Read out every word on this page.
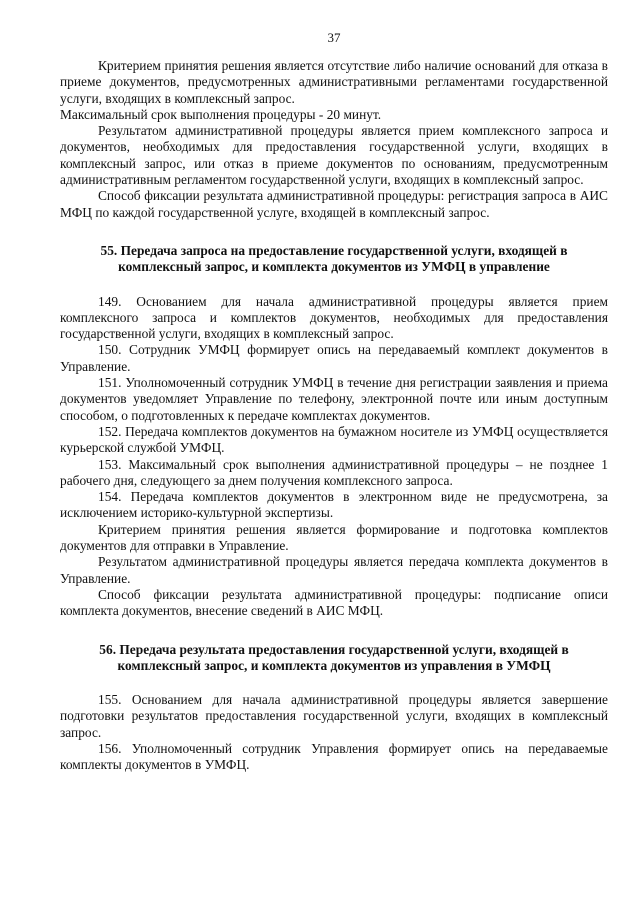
37

Критерием принятия решения является отсутствие либо наличие оснований для отказа в приеме документов, предусмотренных административными регламентами государственной услуги, входящих в комплексный запрос.

Максимальный срок выполнения процедуры - 20 минут.

Результатом административной процедуры является прием комплексного запроса и документов, необходимых для предоставления государственной услуги, входящих в комплексный запрос, или отказ в приеме документов по основаниям, предусмотренным административным регламентом государственной услуги, входящих в комплексный запрос.

Способ фиксации результата административной процедуры: регистрация запроса в АИС МФЦ по каждой государственной услуге, входящей в комплексный запрос.

55. Передача запроса на предоставление государственной услуги, входящей в комплексный запрос, и комплекта документов из УМФЦ в управление

149. Основанием для начала административной процедуры является прием комплексного запроса и комплектов документов, необходимых для предоставления государственной услуги, входящих в комплексный запрос.

150. Сотрудник УМФЦ формирует опись на передаваемый комплект документов в Управление.

151. Уполномоченный сотрудник УМФЦ в течение дня регистрации заявления и приема документов уведомляет Управление по телефону, электронной почте или иным доступным способом, о подготовленных к передаче комплектах документов.

152. Передача комплектов документов на бумажном носителе из УМФЦ осуществляется курьерской службой УМФЦ.

153. Максимальный срок выполнения административной процедуры – не позднее 1 рабочего дня, следующего за днем получения комплексного запроса.

154. Передача комплектов документов в электронном виде не предусмотрена, за исключением историко-культурной экспертизы.

Критерием принятия решения является формирование и подготовка комплектов документов для отправки в Управление.

Результатом административной процедуры является передача комплекта документов в Управление.

Способ фиксации результата административной процедуры: подписание описи комплекта документов, внесение сведений в АИС МФЦ.

56. Передача результата предоставления государственной услуги, входящей в комплексный запрос, и комплекта документов из управления в УМФЦ

155. Основанием для начала административной процедуры является завершение подготовки результатов предоставления государственной услуги, входящих в комплексный запрос.

156. Уполномоченный сотрудник Управления формирует опись на передаваемые комплекты документов в УМФЦ.
